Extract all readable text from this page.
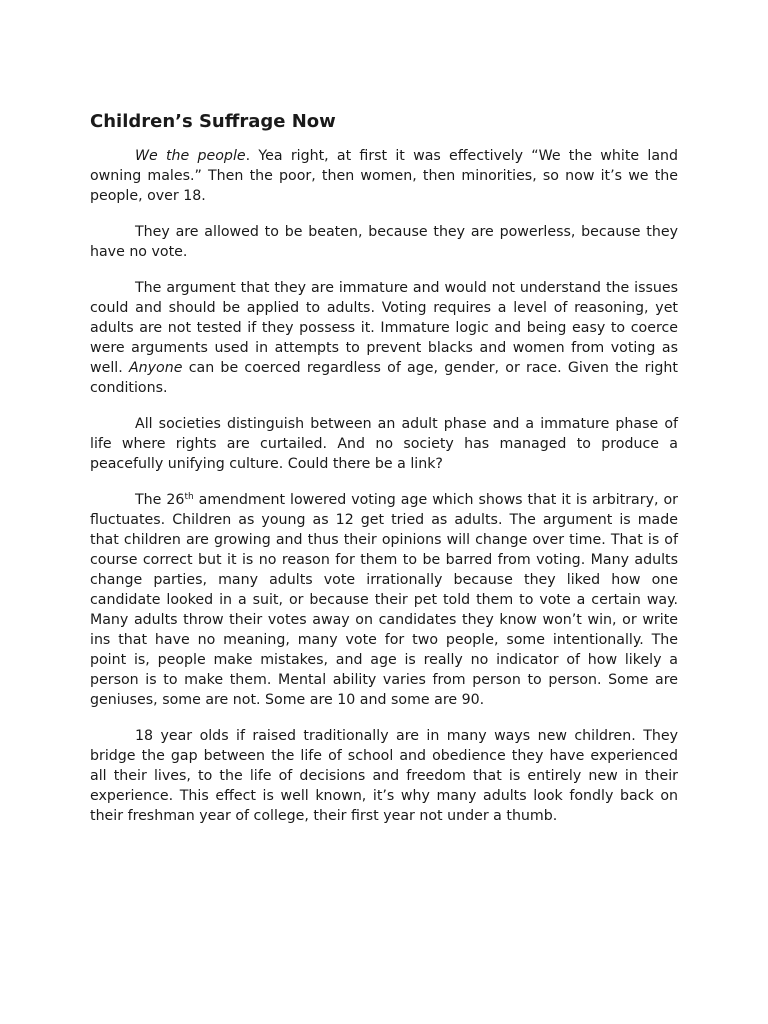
Children’s Suffrage Now

We the people. Yea right, at first it was effectively “We the white land owning males.” Then the poor, then women, then minorities, so now it’s we the people, over 18.

They are allowed to be beaten, because they are powerless, because they have no vote.

The argument that they are immature and would not understand the issues could and should be applied to adults. Voting requires a level of reasoning, yet adults are not tested if they possess it. Immature logic and being easy to coerce were arguments used in attempts to prevent blacks and women from voting as well. Anyone can be coerced regardless of age, gender, or race. Given the right conditions.

All societies distinguish between an adult phase and a immature phase of life where rights are curtailed. And no society has managed to produce a peacefully unifying culture. Could there be a link?

The 26th amendment lowered voting age which shows that it is arbitrary, or fluctuates. Children as young as 12 get tried as adults. The argument is made that children are growing and thus their opinions will change over time. That is of course correct but it is no reason for them to be barred from voting. Many adults change parties, many adults vote irrationally because they liked how one candidate looked in a suit, or because their pet told them to vote a certain way. Many adults throw their votes away on candidates they know won’t win, or write ins that have no meaning, many vote for two people, some intentionally. The point is, people make mistakes, and age is really no indicator of how likely a person is to make them. Mental ability varies from person to person. Some are geniuses, some are not. Some are 10 and some are 90.

18 year olds if raised traditionally are in many ways new children. They bridge the gap between the life of school and obedience they have experienced all their lives, to the life of decisions and freedom that is entirely new in their experience. This effect is well known, it’s why many adults look fondly back on their freshman year of college, their first year not under a thumb.
